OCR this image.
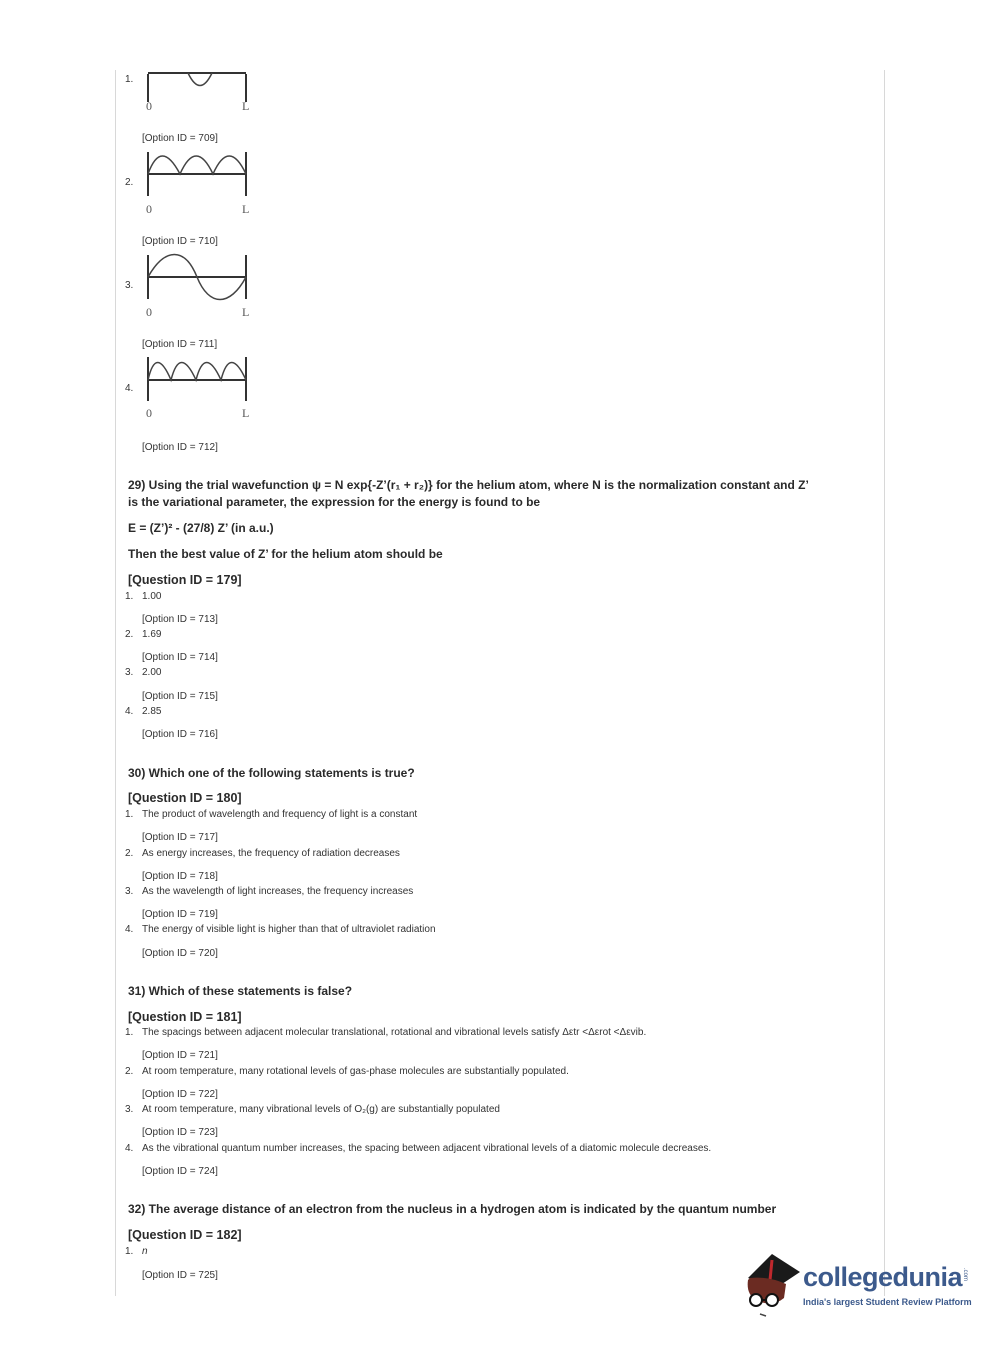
1.
0	L
[Option ID = 709]
2.
0	L
[Option ID = 710]
3.
0	L
[Option ID = 711]
4.
0	L
[Option ID = 712]
29) Using the trial wavefunction ψ = N exp{-Z’(r₁ + r₂)} for the helium atom, where N is the normalization constant and Z’
is the variational parameter, the expression for the energy is found to be
E = (Z’)² - (27/8) Z’ (in a.u.)
Then the best value of Z’ for the helium atom should be
[Question ID = 179]
1. 1.00
[Option ID = 713]
2. 1.69
[Option ID = 714]
3. 2.00
[Option ID = 715]
4. 2.85
[Option ID = 716]
30) Which one of the following statements is true?
[Question ID = 180]
1. The product of wavelength and frequency of light is a constant
[Option ID = 717]
2. As energy increases, the frequency of radiation decreases
[Option ID = 718]
3. As the wavelength of light increases, the frequency increases
[Option ID = 719]
4. The energy of visible light is higher than that of ultraviolet radiation
[Option ID = 720]
31) Which of these statements is false?
[Question ID = 181]
1. The spacings between adjacent molecular translational, rotational and vibrational levels satisfy Δεtr <Δεrot <Δεvib.
[Option ID = 721]
2. At room temperature, many rotational levels of gas-phase molecules are substantially populated.
[Option ID = 722]
3. At room temperature, many vibrational levels of O₂(g) are substantially populated
[Option ID = 723]
4. As the vibrational quantum number increases, the spacing between adjacent vibrational levels of a diatomic molecule decreases.
[Option ID = 724]
32) The average distance of an electron from the nucleus in a hydrogen atom is indicated by the quantum number
[Question ID = 182]
1. n
[Option ID = 725]	collegedunia .com
India's largest Student Review Platform
